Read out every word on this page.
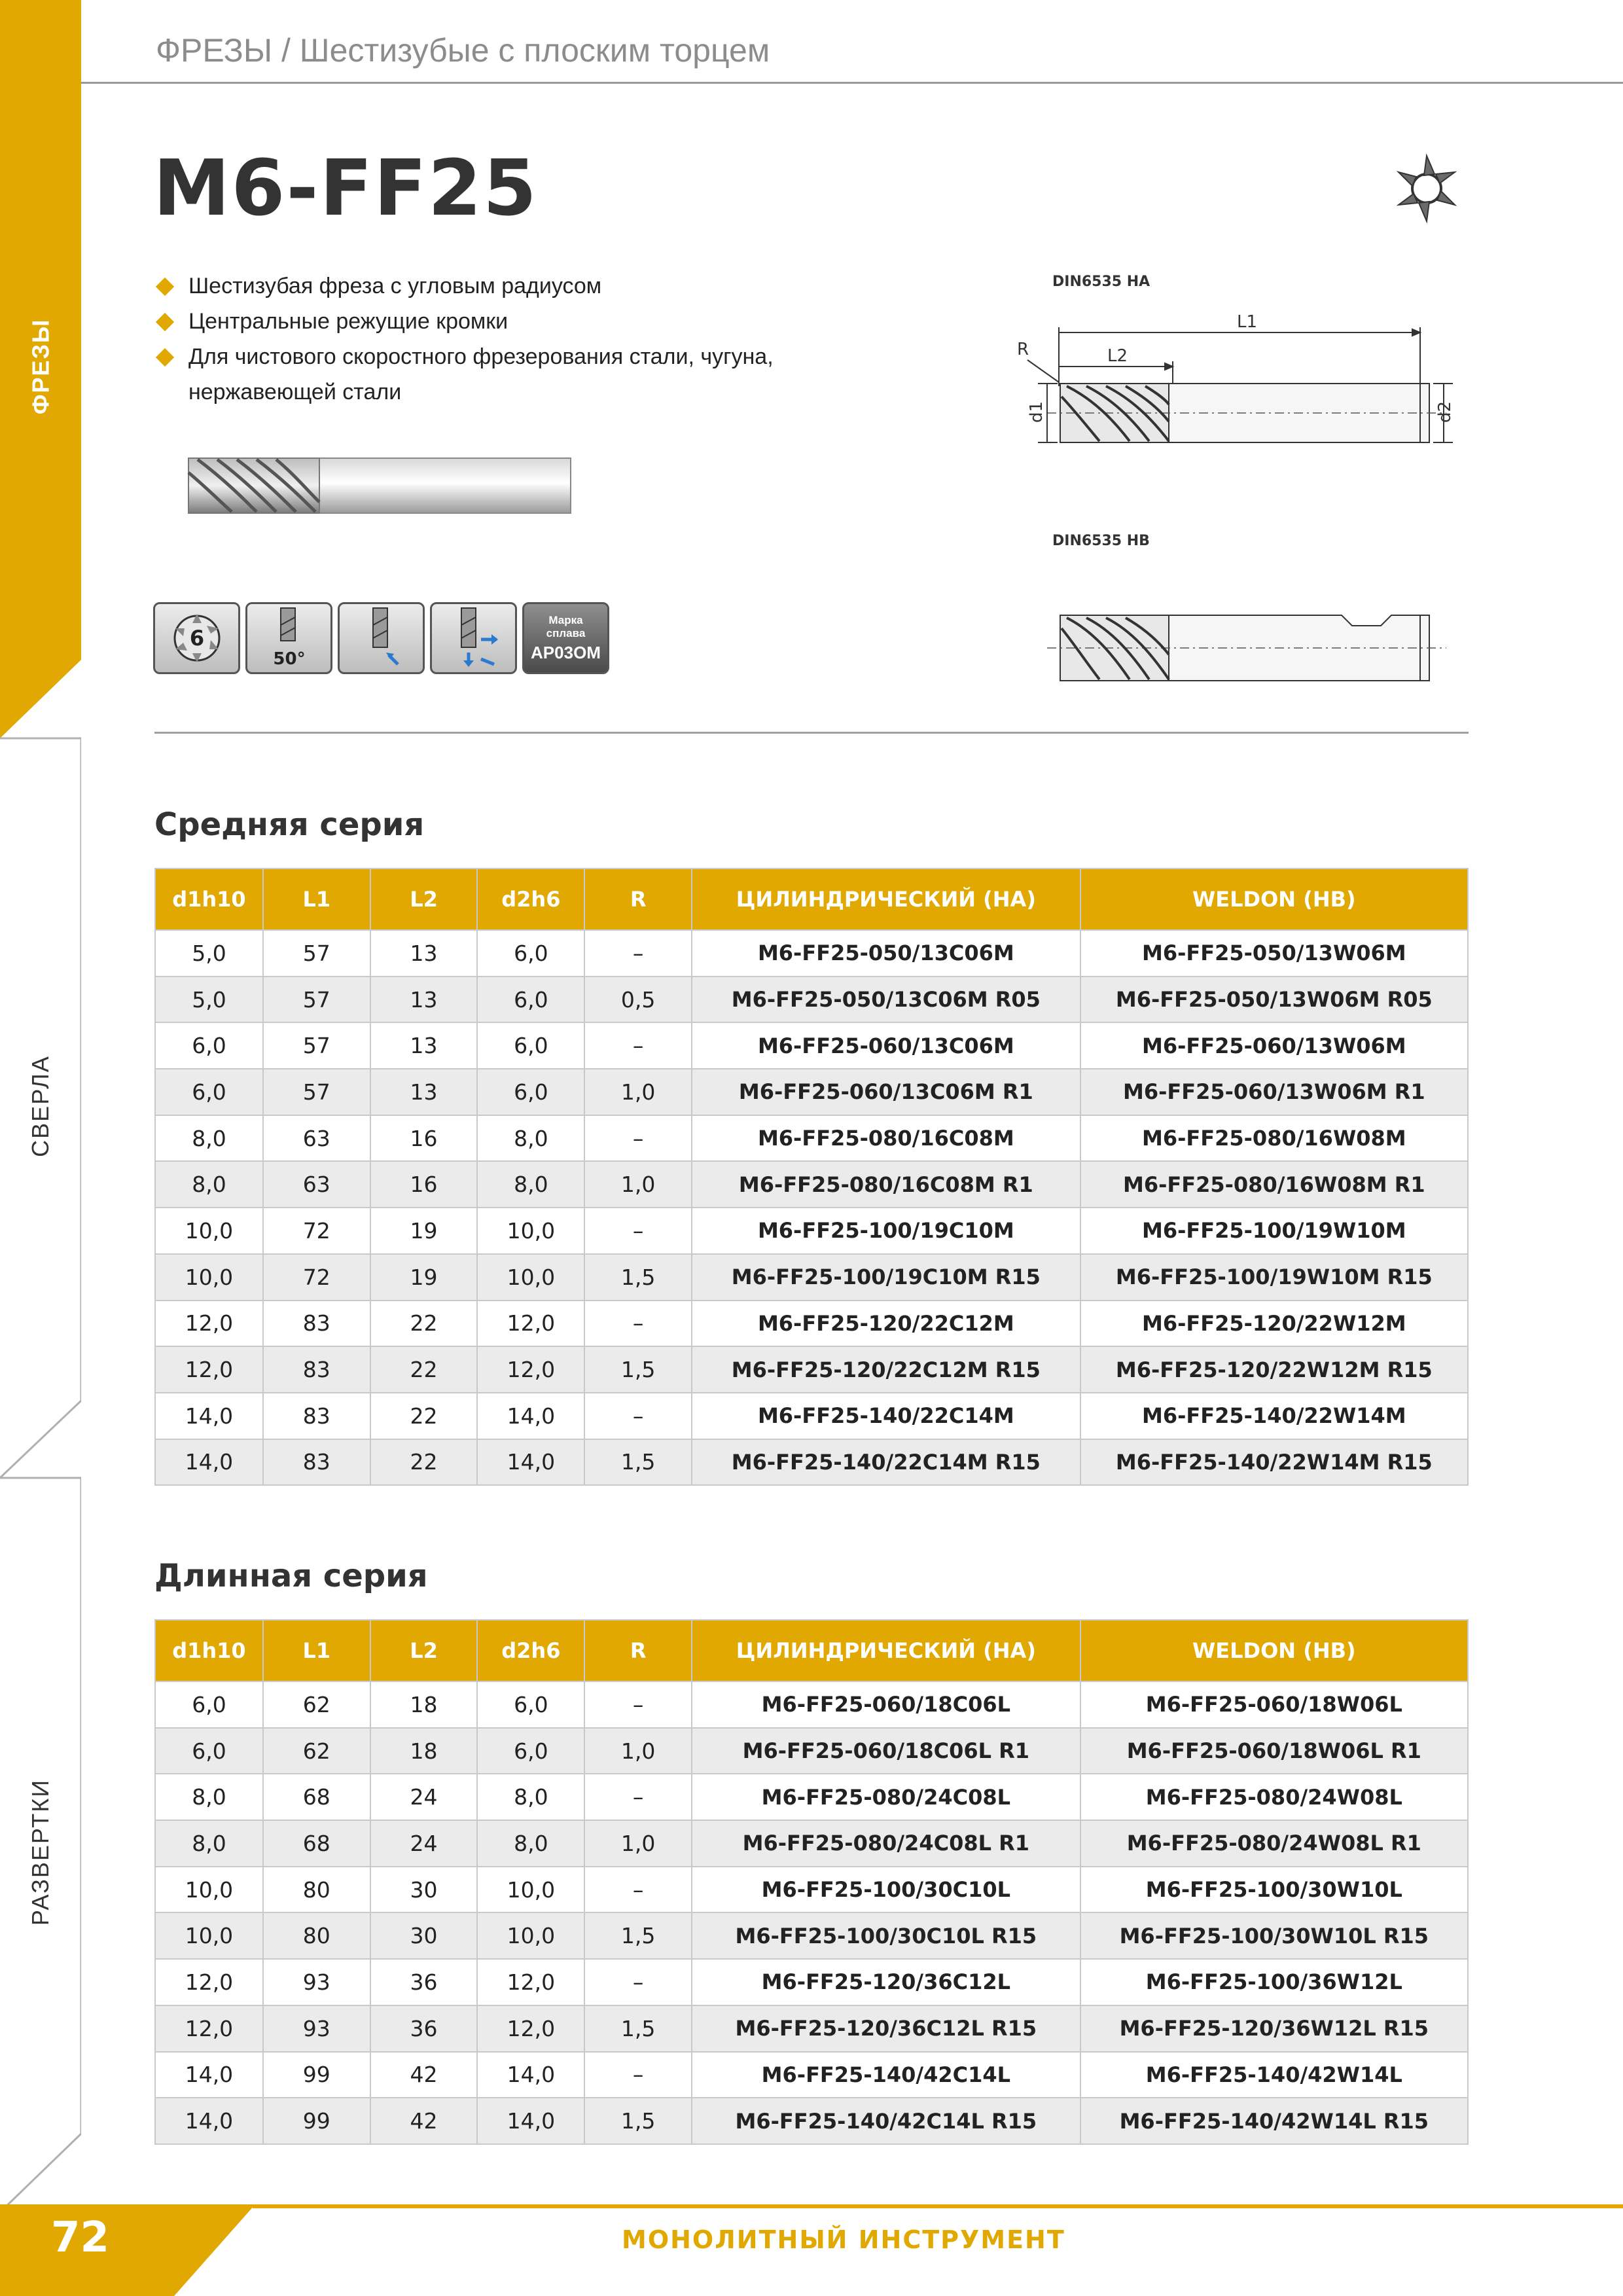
ФРЕЗЫ
СВЕРЛА
РАЗВЕРТКИ
ФРЕЗЫ / Шестизубые с плоским торцем
M6-FF25
Шестизубая фреза с угловым радиусом
Центральные режущие кромки
Для чистового скоростного фрезерования стали, чугуна,
нержавеющей стали
6
50°
Марка
сплава
AP03OM
DIN6535 HA
L1
L2
R
d1	d2
DIN6535 HB
Средняя серия
d1h10	L1	L2	d2h6	R	ЦИЛИНДРИЧЕСКИЙ (HA)	WELDON (HB)
5,0	57	13	6,0	–	M6-FF25-050/13C06M	M6-FF25-050/13W06M
5,0	57	13	6,0	0,5	M6-FF25-050/13C06M R05	M6-FF25-050/13W06M R05
6,0	57	13	6,0	–	M6-FF25-060/13C06M	M6-FF25-060/13W06M
6,0	57	13	6,0	1,0	M6-FF25-060/13C06M R1	M6-FF25-060/13W06M R1
8,0	63	16	8,0	–	M6-FF25-080/16C08M	M6-FF25-080/16W08M
8,0	63	16	8,0	1,0	M6-FF25-080/16C08M R1	M6-FF25-080/16W08M R1
10,0	72	19	10,0	–	M6-FF25-100/19C10M	M6-FF25-100/19W10M
10,0	72	19	10,0	1,5	M6-FF25-100/19C10M R15	M6-FF25-100/19W10M R15
12,0	83	22	12,0	–	M6-FF25-120/22C12M	M6-FF25-120/22W12M
12,0	83	22	12,0	1,5	M6-FF25-120/22C12M R15	M6-FF25-120/22W12M R15
14,0	83	22	14,0	–	M6-FF25-140/22C14M	M6-FF25-140/22W14M
14,0	83	22	14,0	1,5	M6-FF25-140/22C14M R15	M6-FF25-140/22W14M R15
Длинная серия
d1h10	L1	L2	d2h6	R	ЦИЛИНДРИЧЕСКИЙ (HA)	WELDON (HB)
6,0	62	18	6,0	–	M6-FF25-060/18C06L	M6-FF25-060/18W06L
6,0	62	18	6,0	1,0	M6-FF25-060/18C06L R1	M6-FF25-060/18W06L R1
8,0	68	24	8,0	–	M6-FF25-080/24C08L	M6-FF25-080/24W08L
8,0	68	24	8,0	1,0	M6-FF25-080/24C08L R1	M6-FF25-080/24W08L R1
10,0	80	30	10,0	–	M6-FF25-100/30C10L	M6-FF25-100/30W10L
10,0	80	30	10,0	1,5	M6-FF25-100/30C10L R15	M6-FF25-100/30W10L R15
12,0	93	36	12,0	–	M6-FF25-120/36C12L	M6-FF25-100/36W12L
12,0	93	36	12,0	1,5	M6-FF25-120/36C12L R15	M6-FF25-120/36W12L R15
14,0	99	42	14,0	–	M6-FF25-140/42C14L	M6-FF25-140/42W14L
14,0	99	42	14,0	1,5	M6-FF25-140/42C14L R15	M6-FF25-140/42W14L R15
72	МОНОЛИТНЫЙ ИНСТРУМЕНТ
